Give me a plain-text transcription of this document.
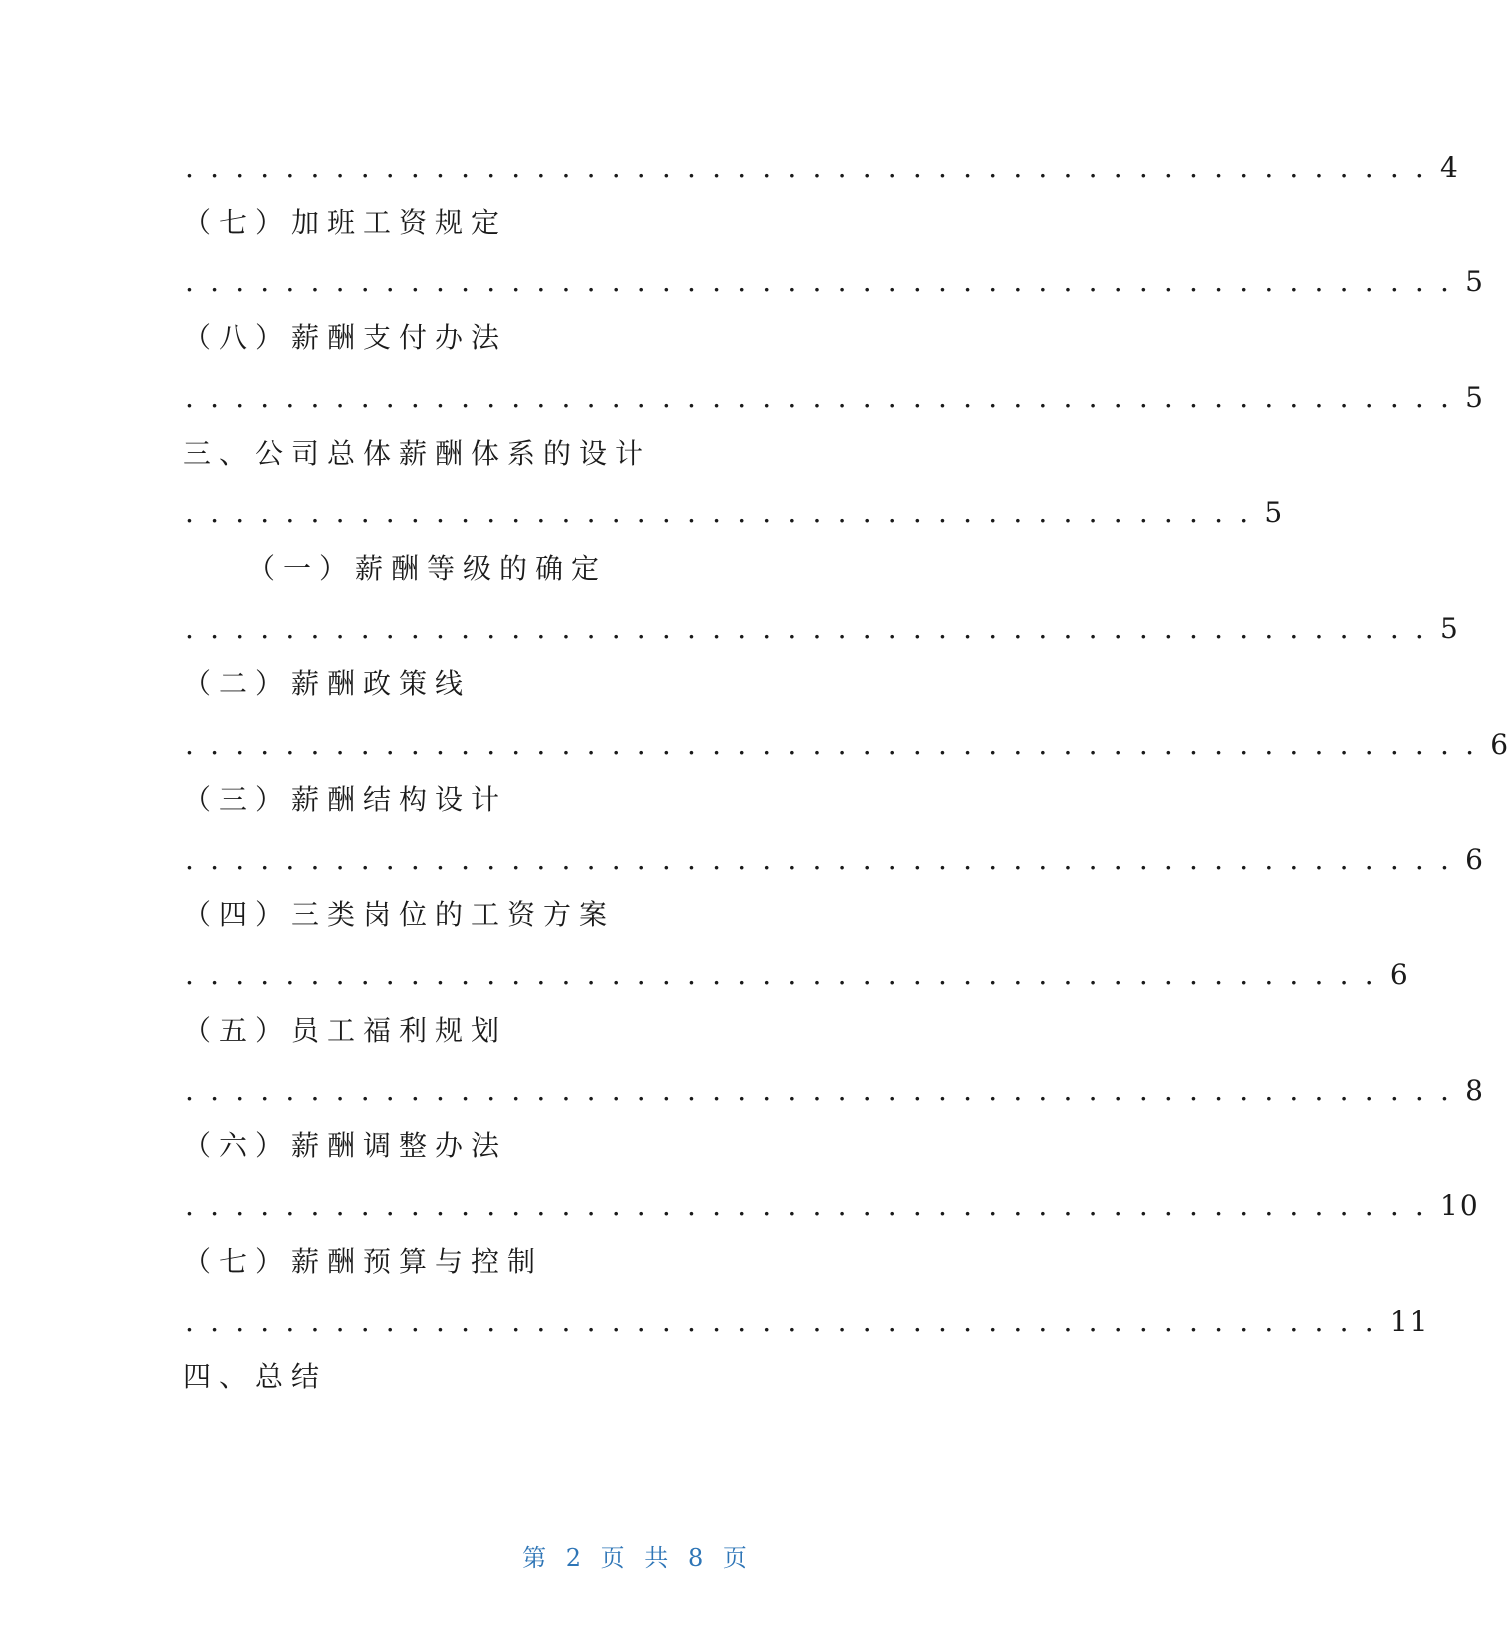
..................................................4
（七）加班工资规定
...................................................5
（八）薪酬支付办法
...................................................5
三、公司总体薪酬体系的设计
...........................................5
（一）薪酬等级的确定
..................................................5
（二）薪酬政策线
....................................................6
（三）薪酬结构设计
...................................................6
（四）三类岗位的工资方案
................................................6
（五）员工福利规划
...................................................8
（六）薪酬调整办法
..................................................10
（七）薪酬预算与控制
................................................11
四、总结
第 2 页 共 8 页
